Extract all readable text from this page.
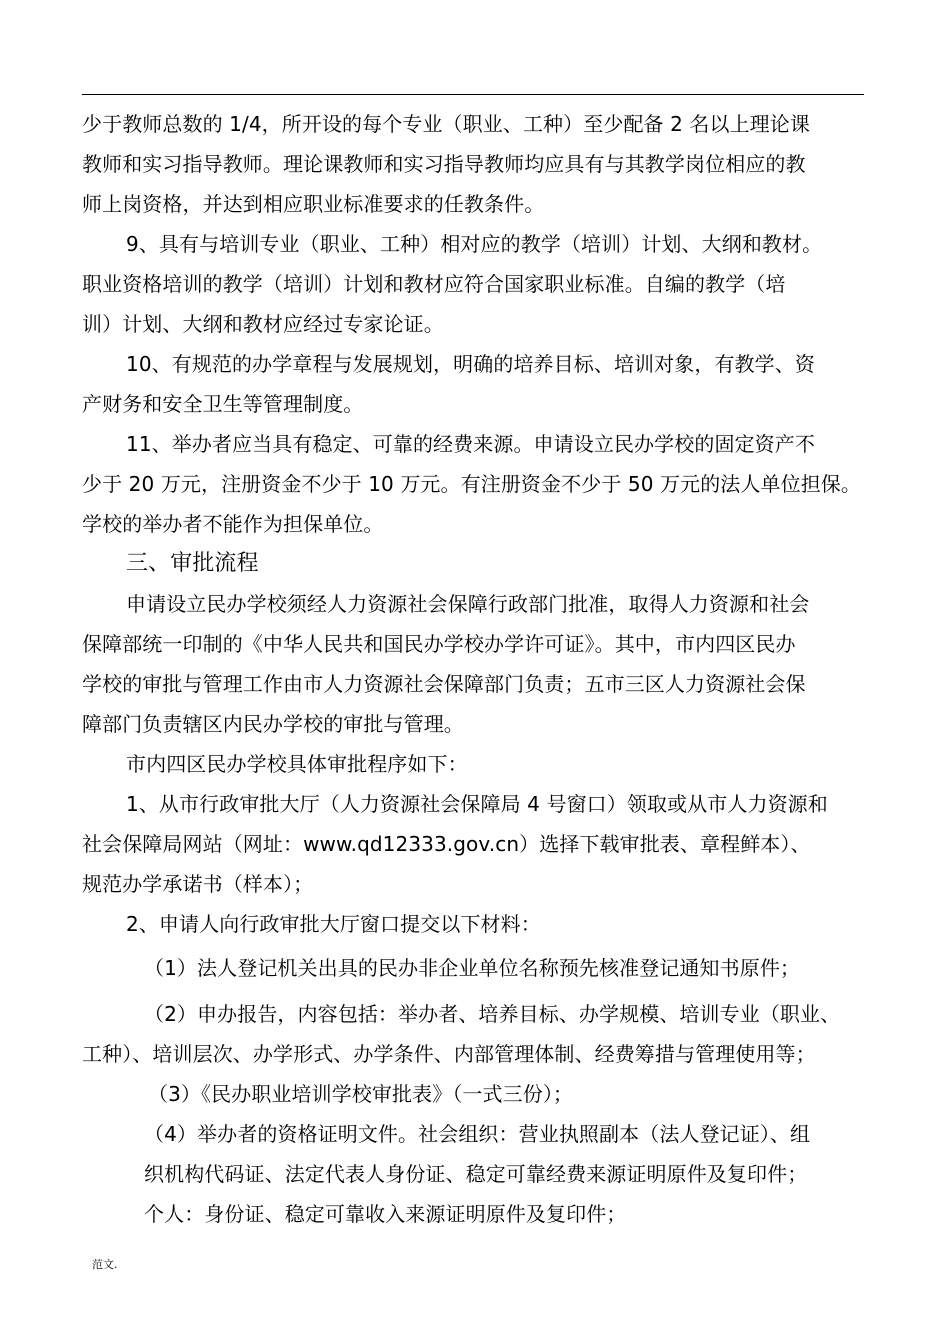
少于教师总数的 1/4，所开设的每个专业（职业、工种）至少配备 2 名以上理论课
教师和实习指导教师。理论课教师和实习指导教师均应具有与其教学岗位相应的教
师上岗资格，并达到相应职业标准要求的任教条件。
9、具有与培训专业（职业、工种）相对应的教学（培训）计划、大纲和教材。
职业资格培训的教学（培训）计划和教材应符合国家职业标准。自编的教学（培
训）计划、大纲和教材应经过专家论证。
10、有规范的办学章程与发展规划，明确的培养目标、培训对象，有教学、资
产财务和安全卫生等管理制度。
11、举办者应当具有稳定、可靠的经费来源。申请设立民办学校的固定资产不
少于 20 万元，注册资金不少于 10 万元。有注册资金不少于 50 万元的法人单位担保。
学校的举办者不能作为担保单位。
三、审批流程
申请设立民办学校须经人力资源社会保障行政部门批准，取得人力资源和社会
保障部统一印制的《中华人民共和国民办学校办学许可证》。其中，市内四区民办
学校的审批与管理工作由市人力资源社会保障部门负责；五市三区人力资源社会保
障部门负责辖区内民办学校的审批与管理。
市内四区民办学校具体审批程序如下：
1、从市行政审批大厅（人力资源社会保障局 4 号窗口）领取或从市人力资源和
社会保障局网站（网址：www.qd12333.gov.cn）选择下载审批表、章程鲜本）、
规范办学承诺书（样本）；
2、申请人向行政审批大厅窗口提交以下材料：
（1）法人登记机关出具的民办非企业单位名称预先核准登记通知书原件；
（2）申办报告，内容包括：举办者、培养目标、办学规模、培训专业（职业、
工种）、培训层次、办学形式、办学条件、内部管理体制、经费筹措与管理使用等；
（3）《民办职业培训学校审批表》（一式三份）；
（4）举办者的资格证明文件。社会组织：营业执照副本（法人登记证）、组
织机构代码证、法定代表人身份证、稳定可靠经费来源证明原件及复印件；
个人：身份证、稳定可靠收入来源证明原件及复印件；
范文.
